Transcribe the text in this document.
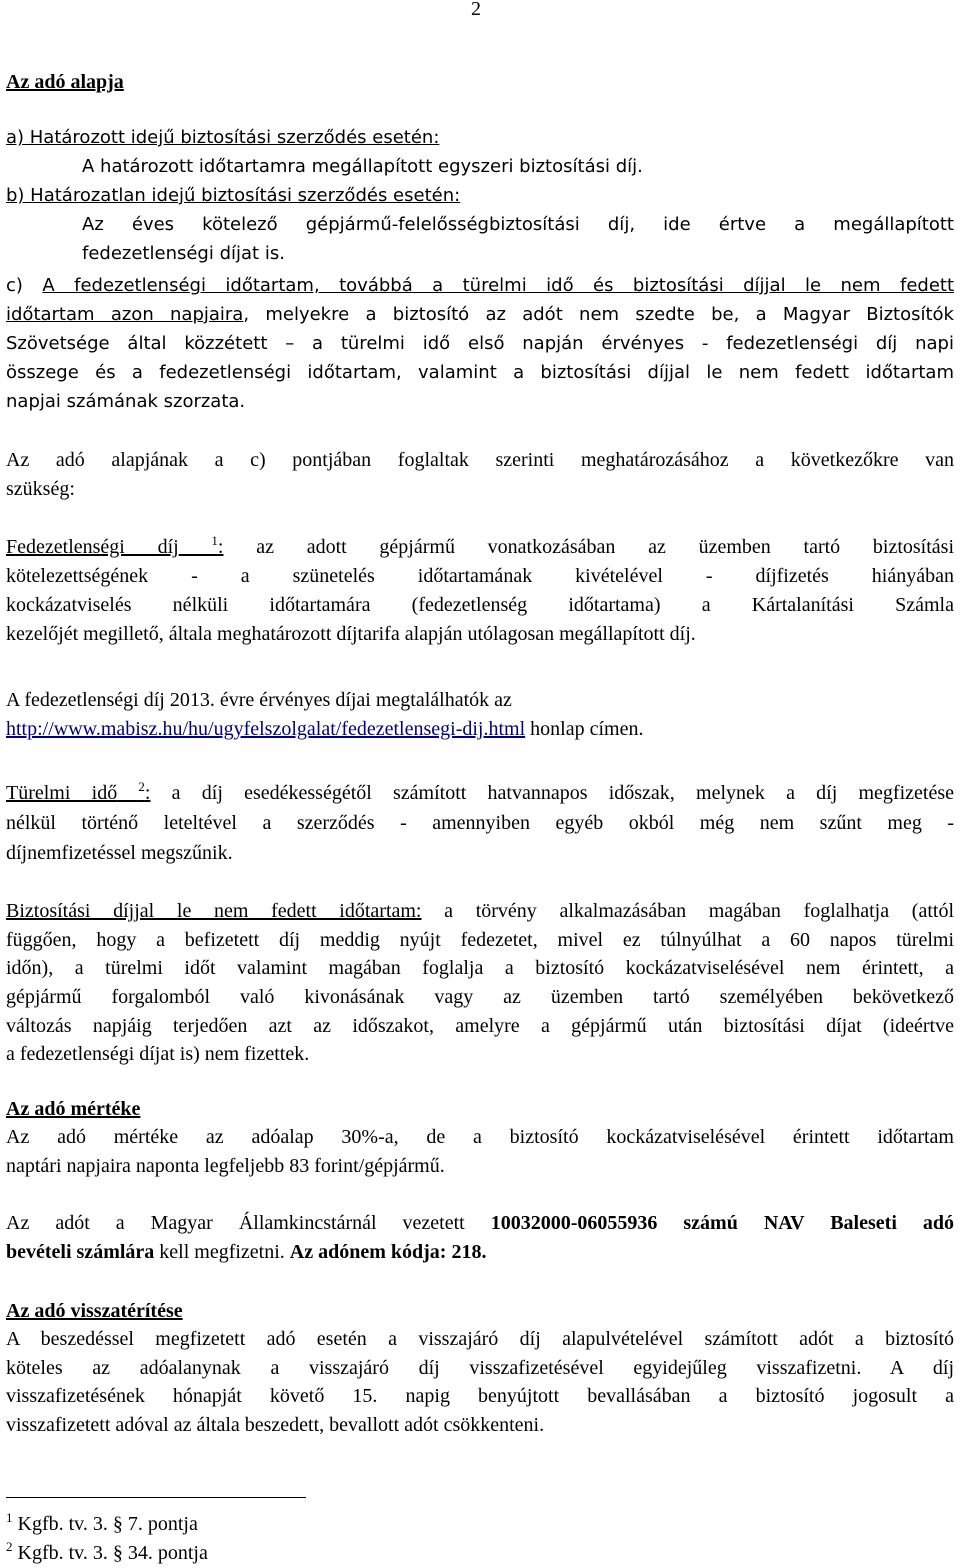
2
Az adó alapja
a) Határozott idejű biztosítási szerződés esetén:
A határozott időtartamra megállapított egyszeri biztosítási díj.
b) Határozatlan idejű biztosítási szerződés esetén:
Az éves kötelező gépjármű-felelősségbiztosítási díj, ide értve a megállapított
fedezetlenségi díjat is.
c) A fedezetlenségi időtartam, továbbá a türelmi idő és biztosítási díjjal le nem fedett
időtartam azon napjaira, melyekre a biztosító az adót nem szedte be, a Magyar Biztosítók
Szövetsége által közzétett – a türelmi idő első napján érvényes - fedezetlenségi díj napi
összege és a fedezetlenségi időtartam, valamint a biztosítási díjjal le nem fedett időtartam
napjai számának szorzata.
Az adó alapjának a c) pontjában foglaltak szerinti meghatározásához a következőkre van
szükség:
Fedezetlenségi díj	$^1$: az adott gépjármű vonatkozásában az üzemben tartó biztosítási
kötelezettségének - a szünetelés időtartamának kivételével - díjfizetés hiányában
kockázatviselés nélküli időtartamára (fedezetlenség időtartama) a Kártalanítási Számla
kezelőjét megillető, általa meghatározott díjtarifa alapján utólagosan megállapított díj.
A fedezetlenségi díj 2013. évre érvényes díjai megtalálhatók az
http://www.mabisz.hu/hu/ugyfelszolgalat/fedezetlensegi-dij.html honlap címen.
Türelmi idő $^2$: a díj esedékességétől számított hatvannapos időszak, melynek a díj megfizetése
nélkül történő leteltével a szerződés - amennyiben egyéb okból még nem szűnt meg -
díjnemfizetéssel megszűnik.
Biztosítási díjjal le nem fedett időtartam: a törvény alkalmazásában magában foglalhatja (attól
függően, hogy a befizetett díj meddig nyújt fedezetet, mivel ez túlnyúlhat a 60 napos türelmi
időn), a türelmi időt valamint magában foglalja a biztosító kockázatviselésével nem érintett, a
gépjármű forgalomból való kivonásának vagy az üzemben tartó személyében bekövetkező
változás napjáig terjedően azt az időszakot, amelyre a gépjármű után biztosítási díjat (ideértve
a fedezetlenségi díjat is) nem fizettek.
Az adó mértéke
Az adó mértéke az adóalap 30%-a, de a biztosító kockázatviselésével érintett időtartam
naptári napjaira naponta legfeljebb 83 forint/gépjármű.
Az adót a Magyar Államkincstárnál vezetett 10032000-06055936 számú NAV Baleseti adó
bevételi számlára kell megfizetni. Az adónem kódja: 218.
Az adó visszatérítése
A beszedéssel megfizetett adó esetén a visszajáró díj alapulvételével számított adót a biztosító
köteles az adóalanynak a visszajáró díj visszafizetésével egyidejűleg visszafizetni. A díj
visszafizetésének hónapját követő 15. napig benyújtott bevallásában a biztosító jogosult a
visszafizetett adóval az általa beszedett, bevallott adót csökkenteni.
$^1$ Kgfb. tv. 3. § 7. pontja
$^2$ Kgfb. tv. 3. § 34. pontja
